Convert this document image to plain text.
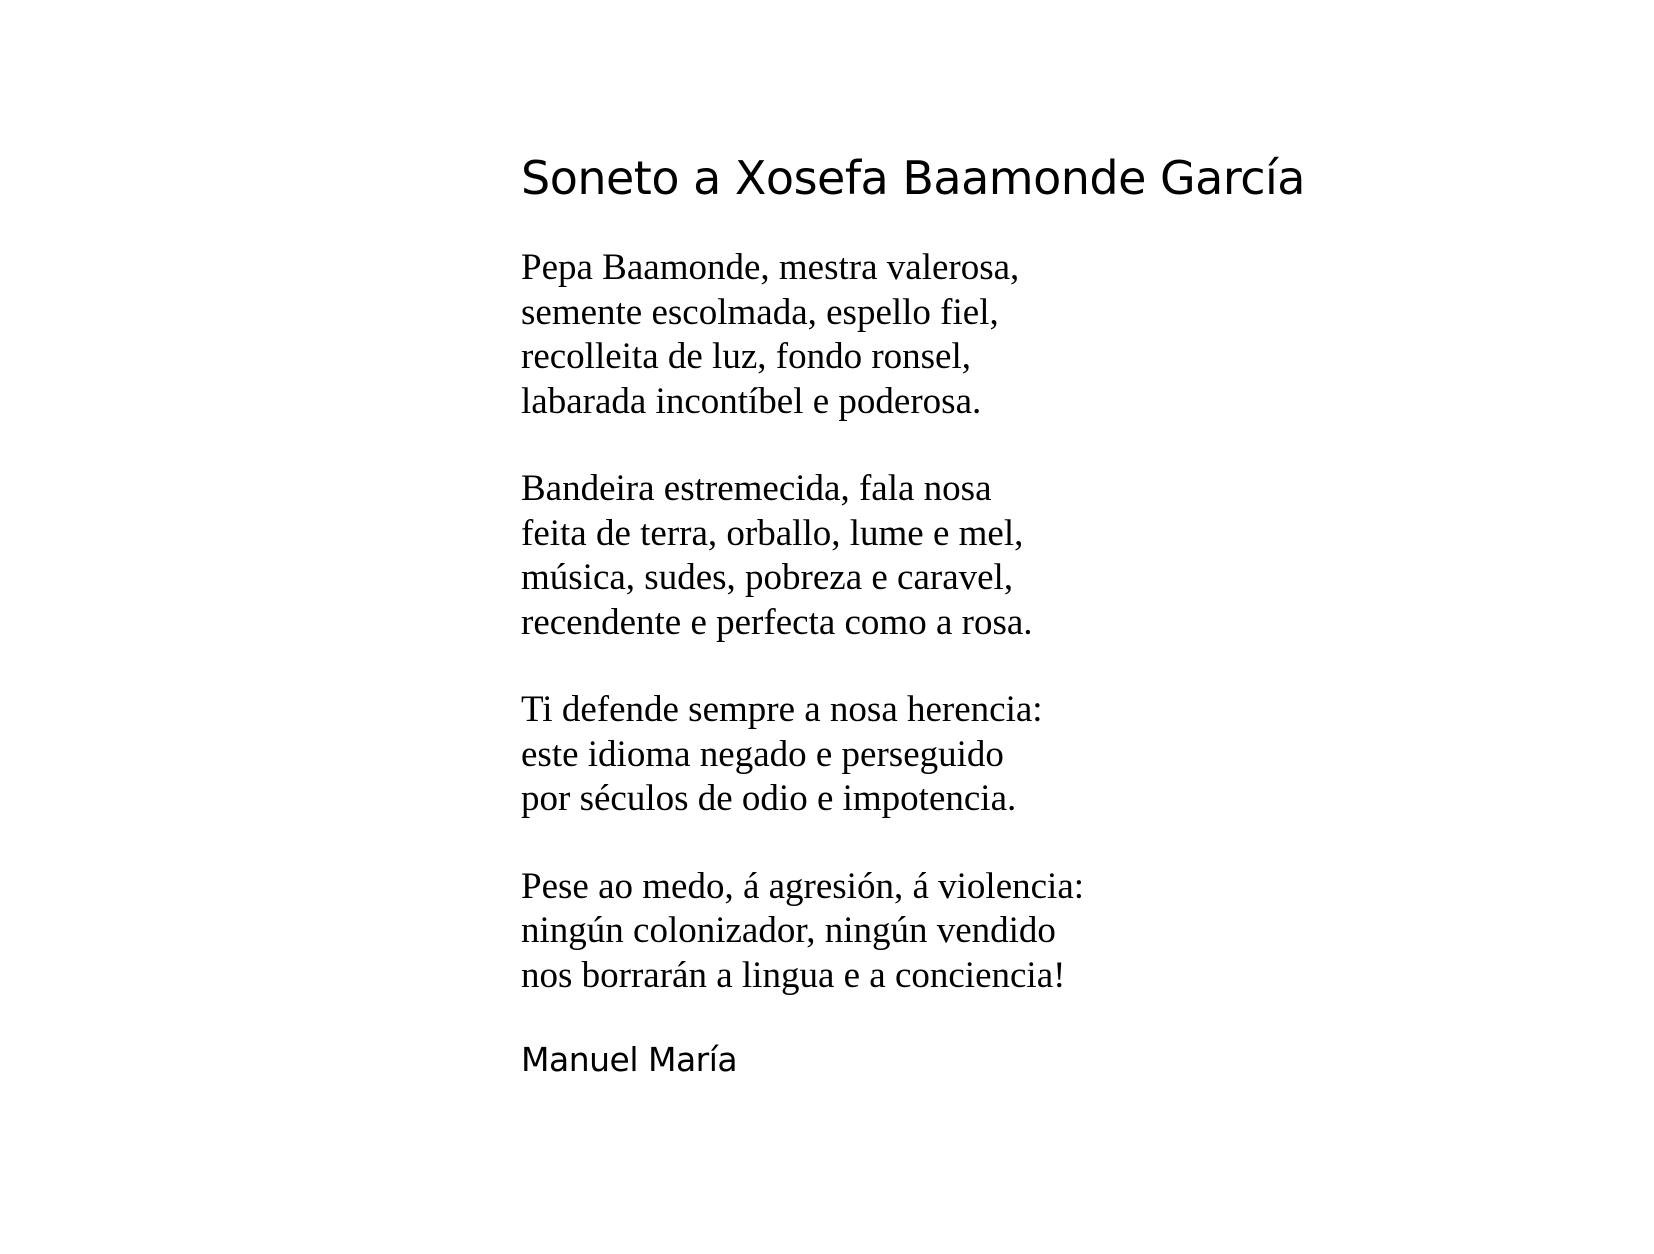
Soneto a Xosefa Baamonde García
Pepa Baamonde, mestra valerosa,
semente escolmada, espello fiel,
recolleita de luz, fondo ronsel,
labarada incontíbel e poderosa.
Bandeira estremecida, fala nosa
feita de terra, orballo, lume e mel,
música, sudes, pobreza e caravel,
recendente e perfecta como a rosa.
Ti defende sempre a nosa herencia:
este idioma negado e perseguido
por séculos de odio e impotencia.
Pese ao medo, á agresión, á violencia:
ningún colonizador, ningún vendido
nos borrarán a lingua e a conciencia!

Manuel María
